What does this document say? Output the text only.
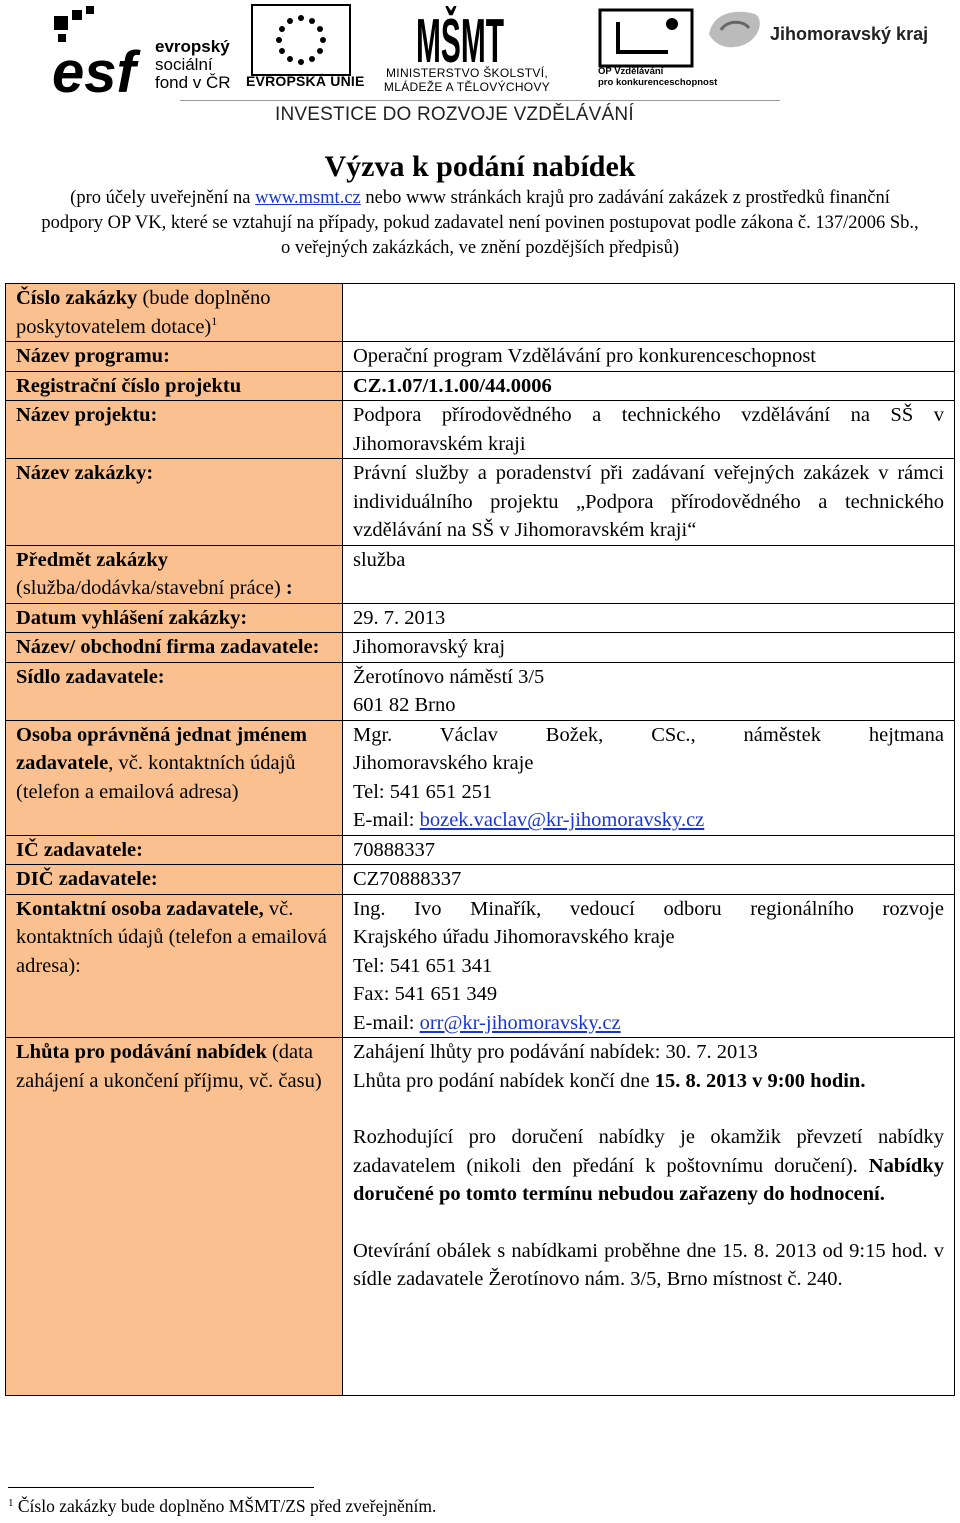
esf	evropský
sociální
fond v ČR EVROPSKÁ UNIE
MŠMT
MINISTERSTVO ŠKOLSTVÍ,
MLÁDEŽE A TĚLOVÝCHOVY
OP Vzdělávání
pro konkurenceschopnost
Jihomoravský kraj
INVESTICE DO ROZVOJE VZDĚLÁVÁNÍ
Výzva k podání nabídek
(pro účely uveřejnění na www.msmt.cz nebo www stránkách krajů pro zadávání zakázek z prostředků finanční podpory OP VK, které se vztahují na případy, pokud zadavatel není povinen postupovat podle zákona č. 137/2006 Sb., o veřejných zakázkách, ve znění pozdějších předpisů)
Číslo zakázky (bude doplněno poskytovatelem dotace)$^1$	
Název programu:	Operační program Vzdělávání pro konkurenceschopnost
Registrační číslo projektu	CZ.1.07/1.1.00/44.0006
Název projektu:	Podpora přírodovědného a technického vzdělávání na SŠ v Jihomoravském kraji
Název zakázky:	Právní služby a poradenství při zadávaní veřejných zakázek v rámci individuálního projektu „Podpora přírodovědného a technického vzdělávání na SŠ v Jihomoravském kraji“

Předmět zakázky
(služba/dodávka/stavební práce) :	služba
Datum vyhlášení zakázky:	29. 7. 2013
Název/ obchodní firma zadavatele:	Jihomoravský kraj
Sídlo zadavatele:	Žerotínovo náměstí 3/5
601 82 Brno

Osoba oprávněná jednat jménem zadavatele, vč. kontaktních údajů (telefon a emailová adresa)	Mgr. Václav Božek, CSc., náměstek hejtmana
Jihomoravského kraje
Tel: 541 651 251
E-mail: bozek.vaclav@kr-jihomoravsky.cz

IČ zadavatele:	70888337
DIČ zadavatele:	CZ70888337
Kontaktní osoba zadavatele, vč. kontaktních údajů (telefon a emailová adresa):	Ing. Ivo Minařík, vedoucí odboru regionálního rozvoje
Krajského úřadu Jihomoravského kraje
Tel: 541 651 341
Fax: 541 651 349
E-mail: orr@kr-jihomoravsky.cz

Lhůta pro podávání nabídek (data zahájení a ukončení příjmu, vč. času)	Zahájení lhůty pro podávání nabídek: 30. 7. 2013
Lhůta pro podání nabídek končí dne 15. 8. 2013 v 9:00 hodin.
Rozhodující pro doručení nabídky je okamžik převzetí nabídky zadavatelem (nikoli den předání k poštovnímu doručení). Nabídky doručené po tomto termínu nebudou zařazeny do hodnocení.
Otevírání obálek s nabídkami proběhne dne 15. 8. 2013 od 9:15 hod. v sídle zadavatele Žerotínovo nám. 3/5, Brno místnost č. 240.
$^1$ Číslo zakázky bude doplněno MŠMT/ZS před zveřejněním.
